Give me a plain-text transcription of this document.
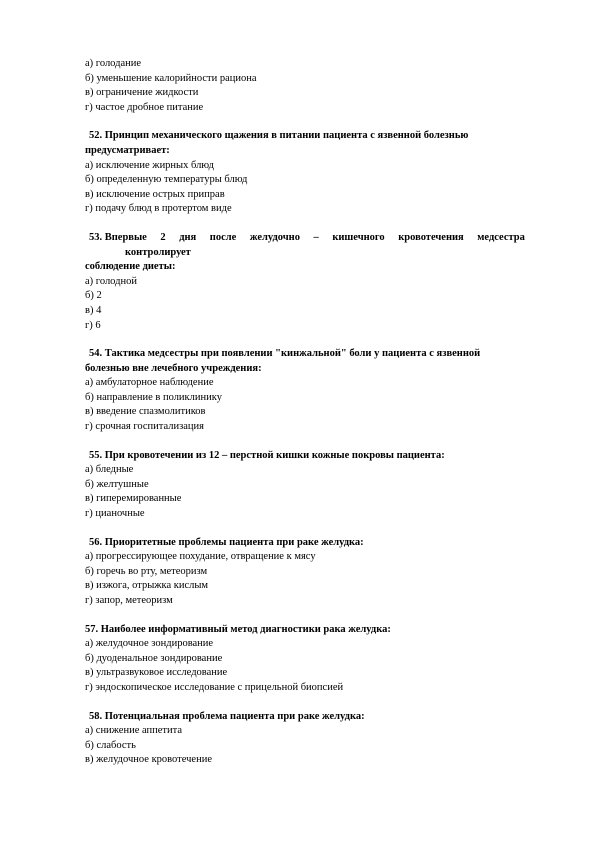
а) голодание

б) уменьшение калорийности рациона

в) ограничение жидкости

г) частое дробное питание

52. Принцип механического щажения в питании пациента с язвенной болезнью

предусматривает:

а) исключение жирных блюд

б) определенную температуры блюд

в) исключение острых приправ

г) подачу блюд в протертом виде

53. Впервые 2 дня после желудочно – кишечного кровотечения медсестра

контролирует

соблюдение диеты:

а) голодной

б) 2

в) 4

г) 6

54. Тактика медсестры при появлении "кинжальной" боли у пациента с язвенной

болезнью вне лечебного учреждения:

а) амбулаторное наблюдение

б) направление в поликлинику

в) введение спазмолитиков

г) срочная госпитализация

55. При кровотечении из 12 – перстной кишки кожные покровы пациента:

а) бледные

б) желтушные

в) гиперемированные

г) цианочные

56. Приоритетные проблемы пациента при раке желудка:

а) прогрессирующее похудание, отвращение к мясу

б) горечь во рту, метеоризм

в) изжога, отрыжка кислым

г) запор, метеоризм

57. Наиболее информативный метод диагностики рака желудка:

а) желудочное зондирование

б) дуоденальное зондирование

в) ультразвуковое исследование

г) эндоскопическое исследование с прицельной биопсией

58. Потенциальная проблема пациента при раке желудка:

а) снижение аппетита

б) слабость

в) желудочное кровотечение
